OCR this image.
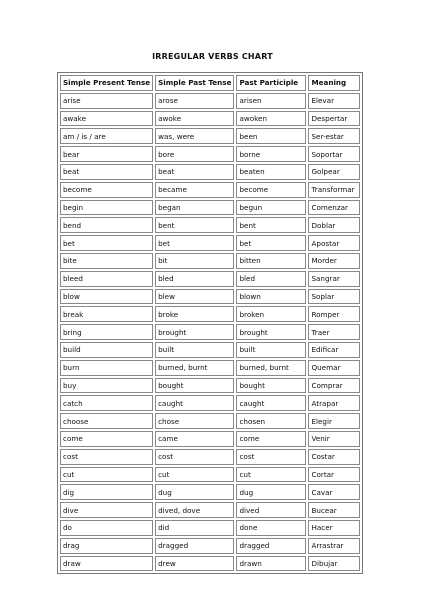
IRREGULAR VERBS CHART
Simple Present Tense	Simple Past Tense	Past Participle	Meaning
arise	arose	arisen	Elevar
awake	awoke	awoken	Despertar
am / is / are	was, were	been	Ser-estar
bear	bore	borne	Soportar
beat	beat	beaten	Golpear
become	became	become	Transformar
begin	began	begun	Comenzar
bend	bent	bent	Doblar
bet	bet	bet	Apostar
bite	bit	bitten	Morder
bleed	bled	bled	Sangrar
blow	blew	blown	Soplar
break	broke	broken	Romper
bring	brought	brought	Traer
build	built	built	Edificar
burn	burned, burnt	burned, burnt	Quemar
buy	bought	bought	Comprar
catch	caught	caught	Atrapar
choose	chose	chosen	Elegir
come	came	come	Venir
cost	cost	cost	Costar
cut	cut	cut	Cortar
dig	dug	dug	Cavar
dive	dived, dove	dived	Bucear
do	did	done	Hacer
drag	dragged	dragged	Arrastrar
draw	drew	drawn	Dibujar
